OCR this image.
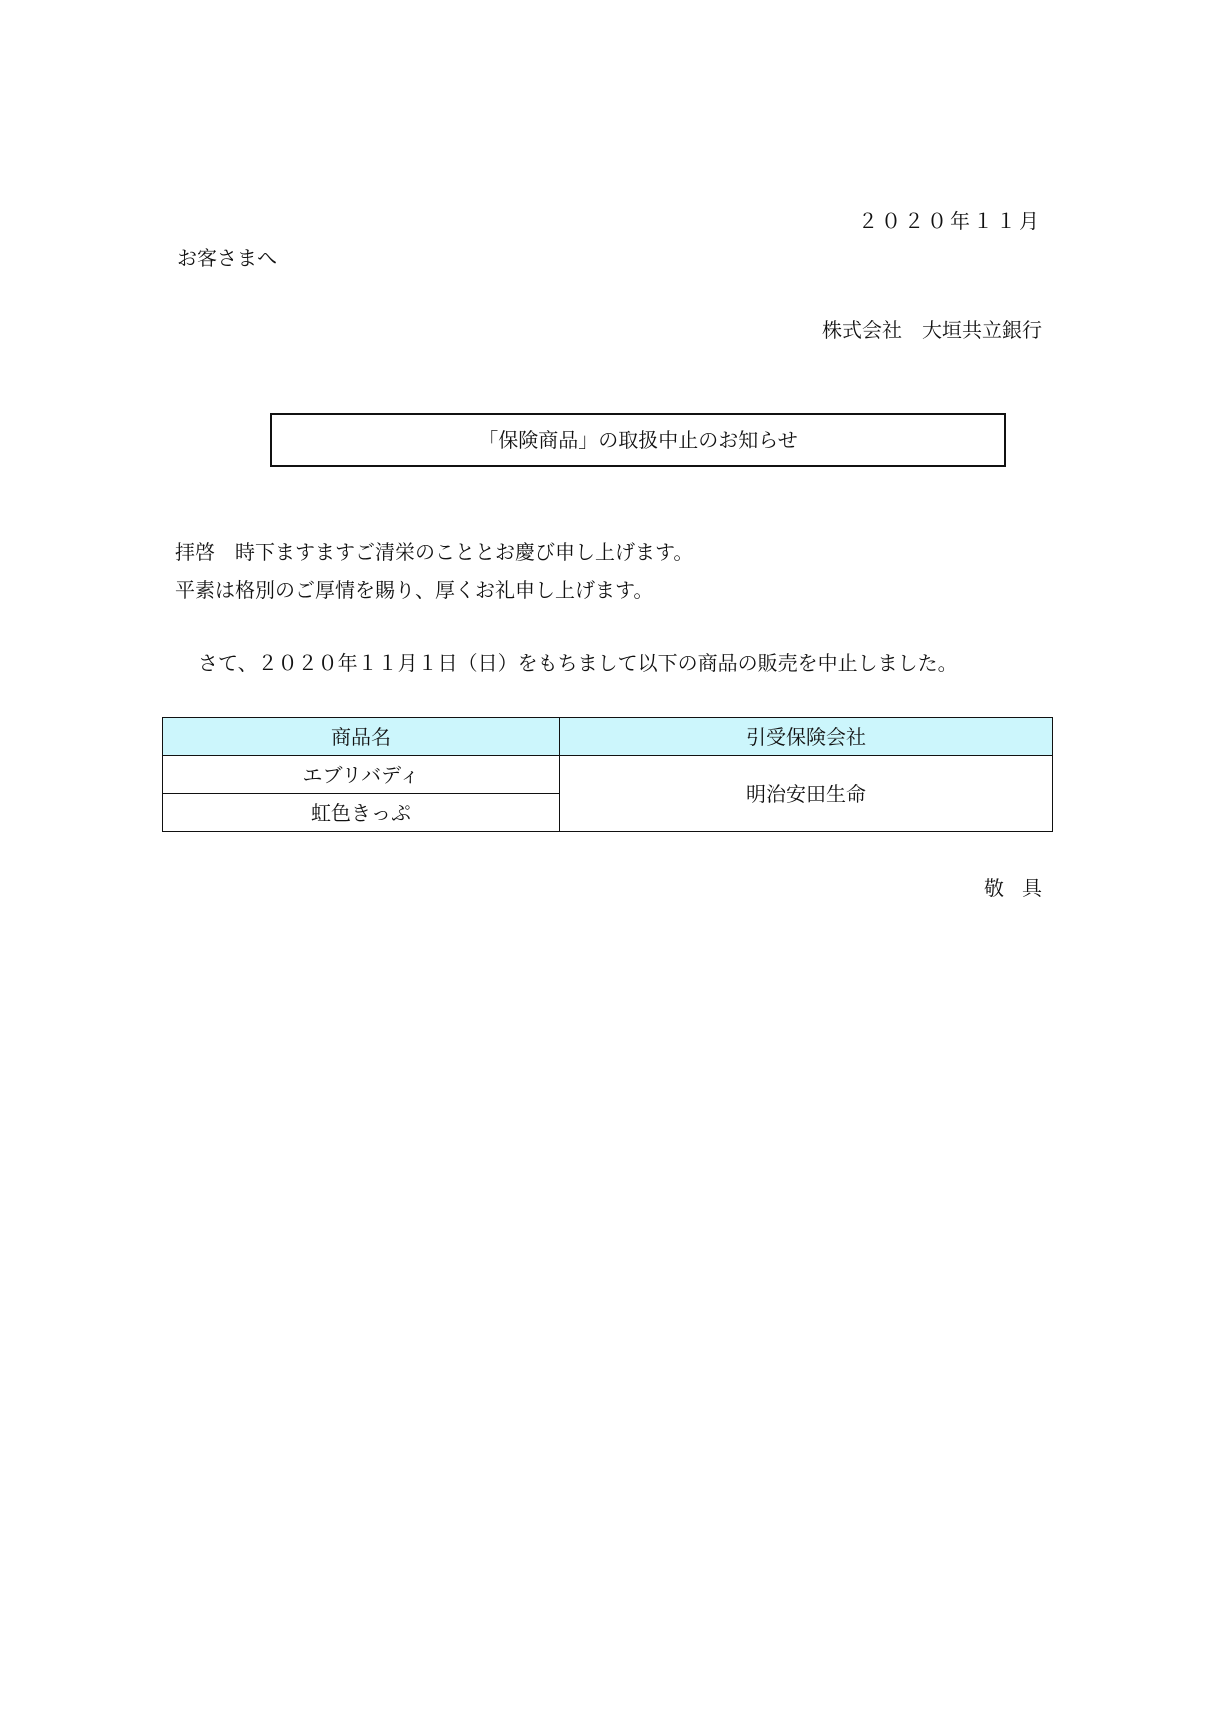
２０２０年１１月
お客さまへ
株式会社　大垣共立銀行
「保険商品」の取扱中止のお知らせ
拝啓　時下ますますご清栄のこととお慶び申し上げます。
平素は格別のご厚情を賜り、厚くお礼申し上げます。
さて、２０２０年１１月１日（日）をもちまして以下の商品の販売を中止しました。
商品名	引受保険会社
エブリバディ	明治安田生命
虹色きっぷ	
敬具
